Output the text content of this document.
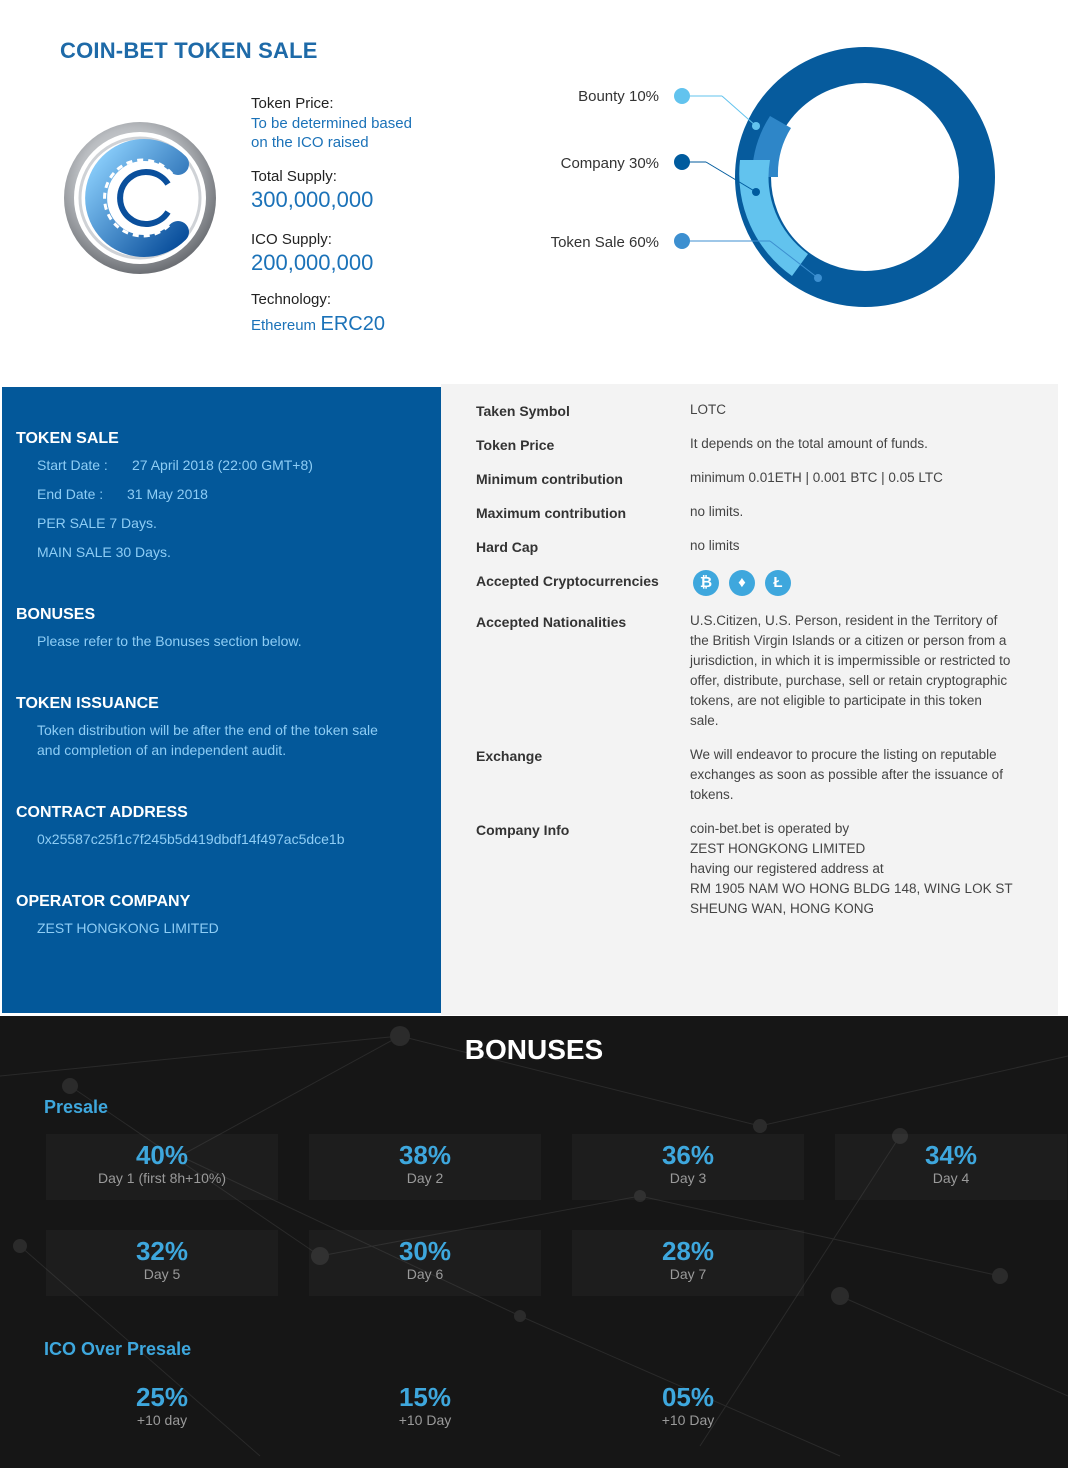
COIN-BET TOKEN SALE
Token Price:
To be determined based
on the ICO raised
Total Supply:
300,000,000
ICO Supply:
200,000,000
Technology:
Ethereum ERC20
Bounty 10%
Company 30%
Token Sale 60%
TOKEN SALE
Start Date : 27 April 2018 (22:00 GMT+8)
End Date : 31 May 2018
PER SALE 7 Days.
MAIN SALE 30 Days.
BONUSES
Please refer to the Bonuses section below.
TOKEN ISSUANCE
Token distribution will be after the end of the token sale
and completion of an independent audit.
CONTRACT ADDRESS
0x25587c25f1c7f245b5d419dbdf14f497ac5dce1b
OPERATOR COMPANY
ZEST HONGKONG LIMITED
Taken Symbol	LOTC
Token Price	It depends on the total amount of funds.
Minimum contribution	minimum 0.01ETH | 0.001 BTC | 0.05 LTC
Maximum contribution	no limits.
Hard Cap	no limits
Accepted Cryptocurrencies	₿	♦	Ł
Accepted Nationalities	U.S.Citizen, U.S. Person, resident in the Territory of
the British Virgin Islands or a citizen or person from a
jurisdiction, in which it is impermissible or restricted to
offer, distribute, purchase, sell or retain cryptographic
tokens, are not eligible to participate in this token
sale.
Exchange	We will endeavor to procure the listing on reputable
exchanges as soon as possible after the issuance of
tokens.
Company Info	coin-bet.bet is operated by
ZEST HONGKONG LIMITED
having our registered address at
RM 1905 NAM WO HONG BLDG 148, WING LOK ST
SHEUNG WAN, HONG KONG
BONUSES
Presale
40%
Day 1 (first 8h+10%)
38%
Day 2
36%
Day 3
34%
Day 4
32%
Day 5
30%
Day 6
28%
Day 7
ICO Over Presale
25%
+10 day
15%
+10 Day
05%
+10 Day
